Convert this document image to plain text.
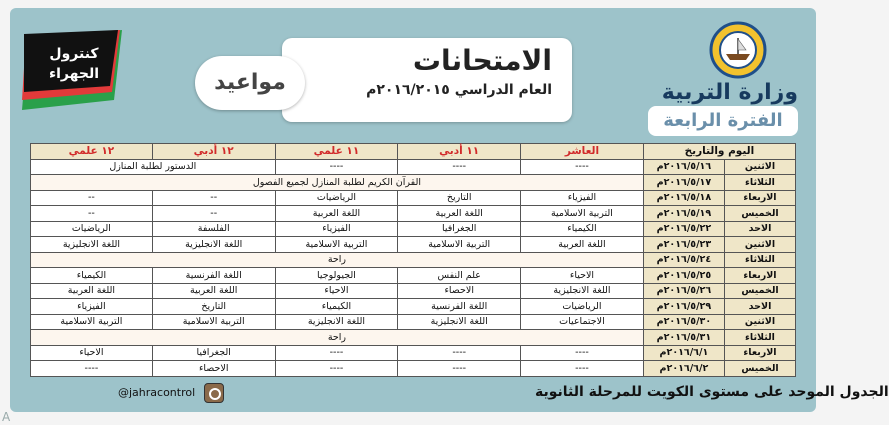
كنترول
الجهراء	مواعيد
الامتحانات
العام الدراسي ٢٠١٦/٢٠١٥م	وزارة التربية
الفترة الرابعة
اليوم والتاريخ		العاشر	١١ أدبي	١١ علمي	١٢ أدبي	١٢ علمي
الاثنين	٢٠١٦/٥/١٦م	----	----	----	الدستور لطلبة المنازل	
الثلاثاء	٢٠١٦/٥/١٧م	القرآن الكريم لطلبة المنازل لجميع الفصول				
الاربعاء	٢٠١٦/٥/١٨م	الفيزياء	التاريخ	الرياضيات	--	--
الخميس	٢٠١٦/٥/١٩م	التربية الاسلامية	اللغة العربية	اللغة العربية	--	--
الاحد	٢٠١٦/٥/٢٢م	الكيمياء	الجغرافيا	الفيزياء	الفلسفة	الرياضيات
الاثنين	٢٠١٦/٥/٢٣م	اللغة العربية	التربية الاسلامية	التربية الاسلامية	اللغة الانجليزية	اللغة الانجليزية
الثلاثاء	٢٠١٦/٥/٢٤م	راحة				
الاربعاء	٢٠١٦/٥/٢٥م	الاحياء	علم النفس	الجيولوجيا	اللغة الفرنسية	الكيمياء
الخميس	٢٠١٦/٥/٢٦م	اللغة الانجليزية	الاحصاء	الاحياء	اللغة العربية	اللغة العربية
الاحد	٢٠١٦/٥/٢٩م	الرياضيات	اللغة الفرنسية	الكيمياء	التاريخ	الفيزياء
الاثنين	٢٠١٦/٥/٣٠م	الاجتماعيات	اللغة الانجليزية	اللغة الانجليزية	التربية الاسلامية	التربية الاسلامية
الثلاثاء	٢٠١٦/٥/٣١م	راحة				
الاربعاء	٢٠١٦/٦/١م	----	----	----	الجغرافيا	الاحياء
الخميس	٢٠١٦/٦/٢م	----	----	----	الاحصاء	----
@jahracontrol	الجدول الموحد على مستوى الكويت للمرحلة الثانوية
A
